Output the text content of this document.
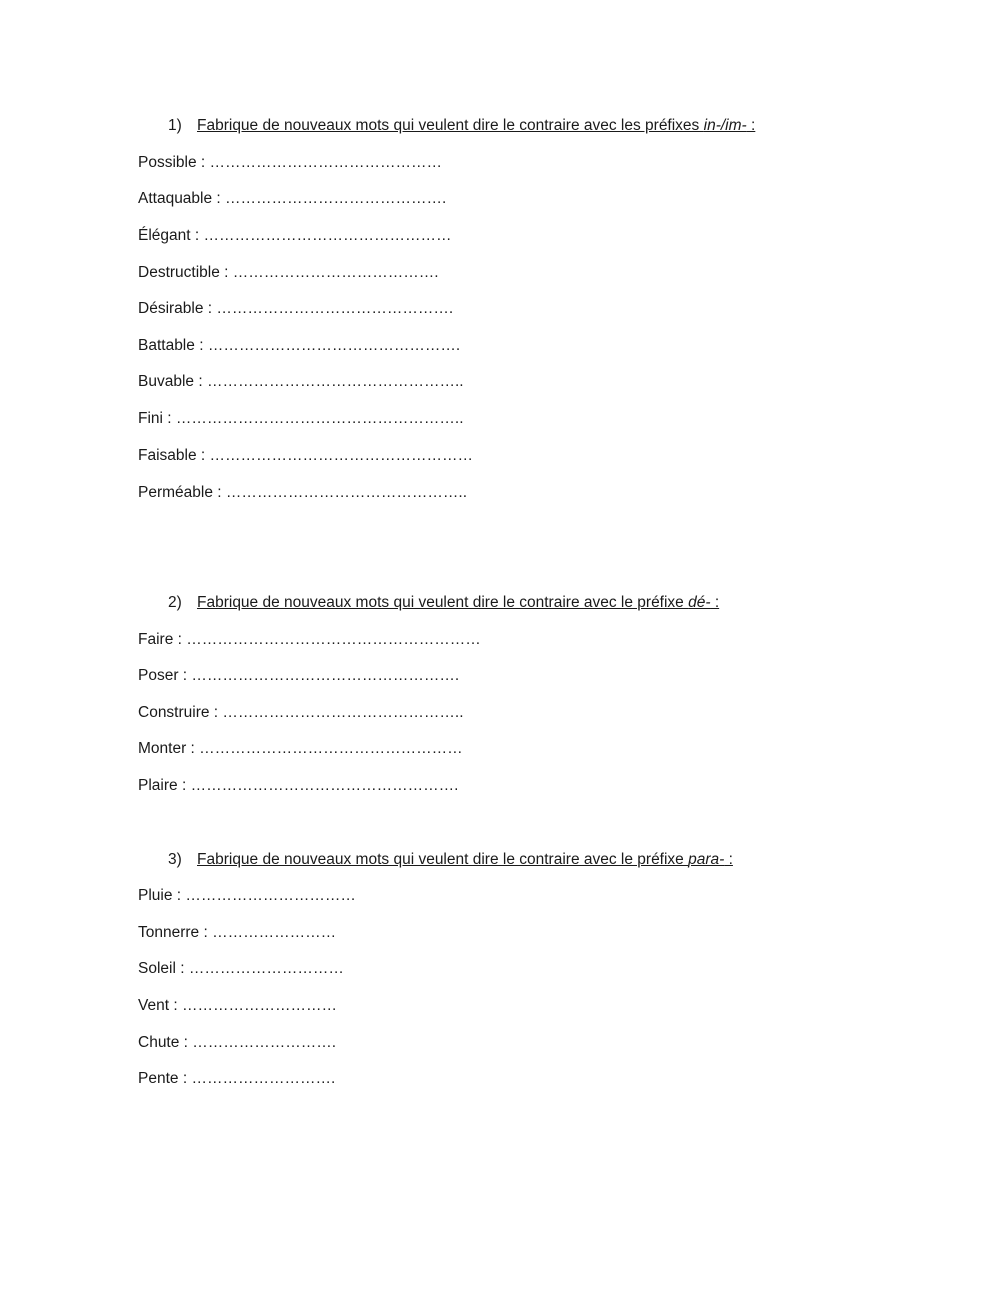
1) Fabrique de nouveaux mots qui veulent dire le contraire avec les préfixes in-/im- :
Possible : ………………………………………
Attaquable : …………………………………….
Élégant : …………………………………………
Destructible : ………………………………….
Désirable : ……………………………………….
Battable : ………………………………………….
Buvable : …………………………………………..
Fini : ………………………………………………..
Faisable : ……………………………………………
Perméable : ………………………………………..
2) Fabrique de nouveaux mots qui veulent dire le contraire avec le préfixe dé- :
Faire : …………………………………………………
Poser : …………………………………………….
Construire : ………………………………………..
Monter : ……………………………………………
Plaire : …………………………………………….
3) Fabrique de nouveaux mots qui veulent dire le contraire avec le préfixe para- :
Pluie : ……………………………
Tonnerre : ……………………
Soleil : …………………………
Vent : …………………………
Chute : ……………………….
Pente : ……………………….
